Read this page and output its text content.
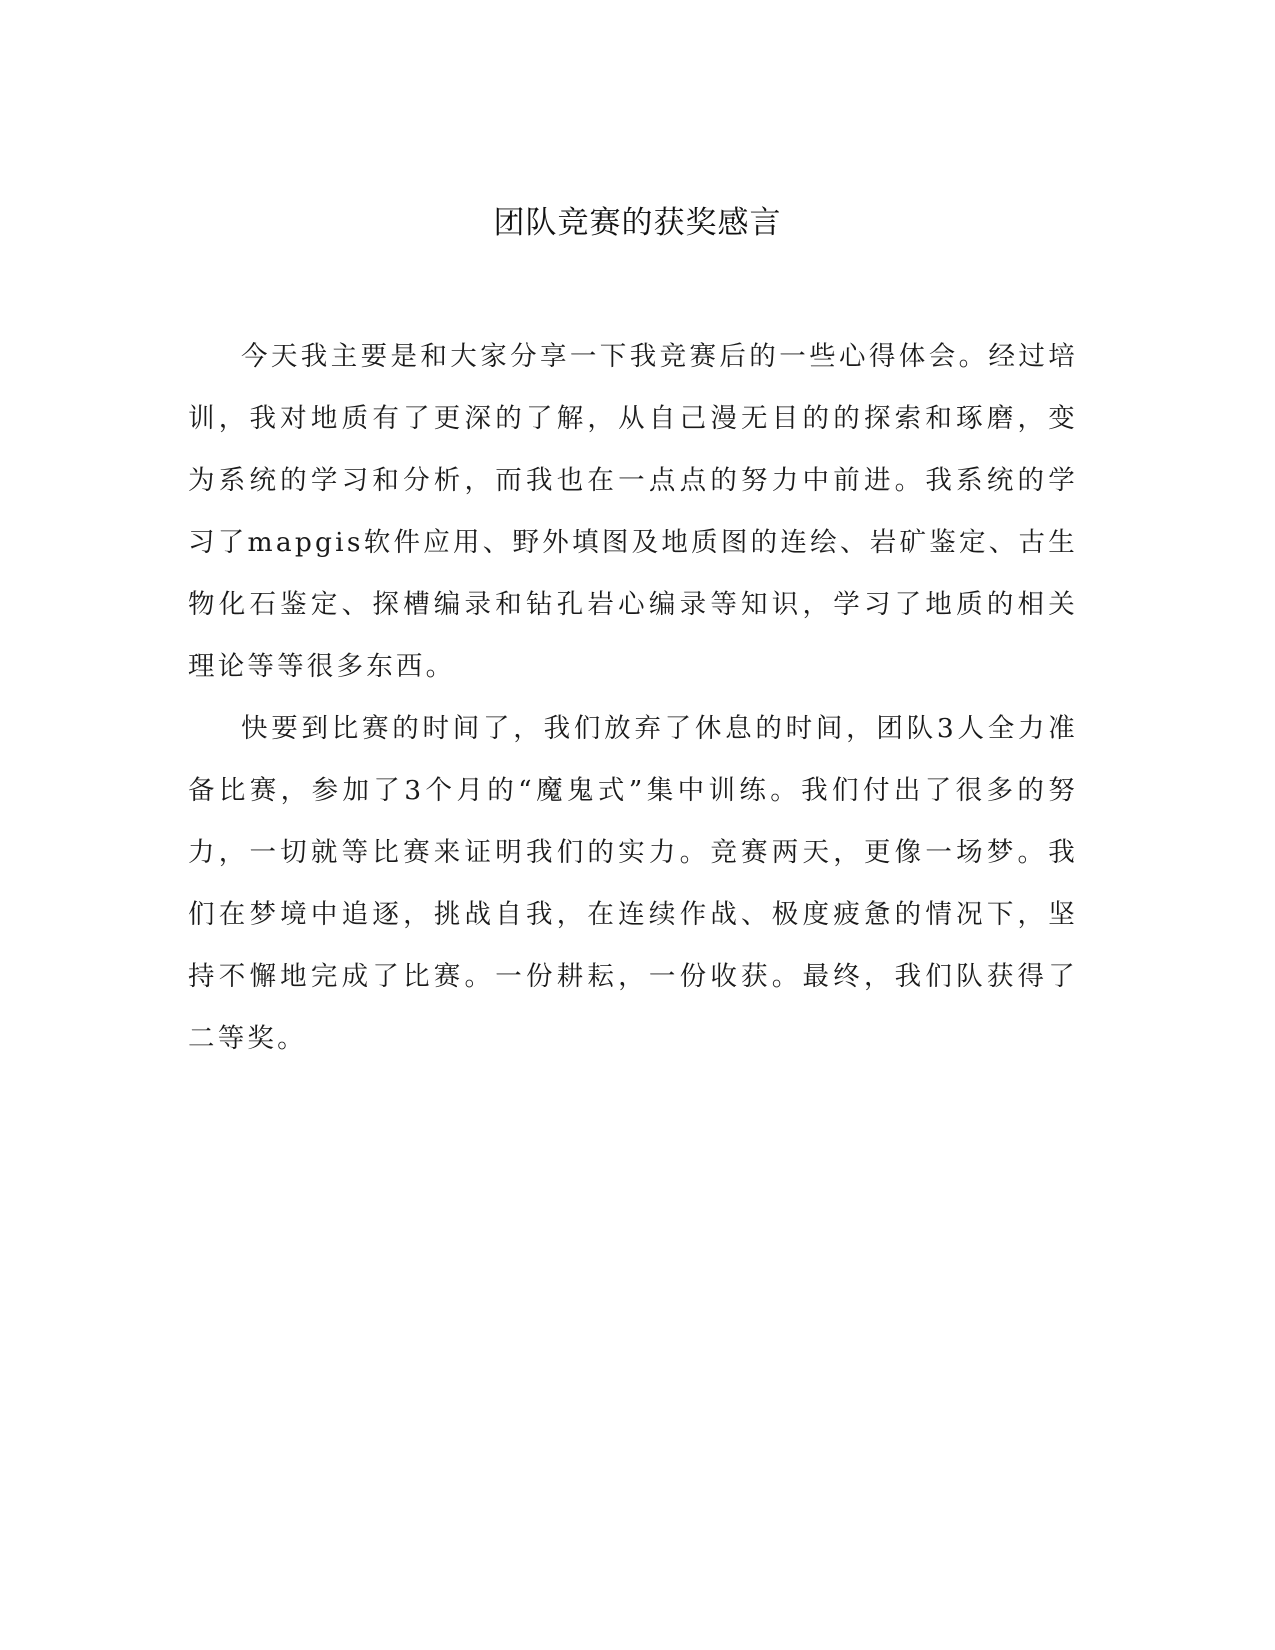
团队竞赛的获奖感言

今天我主要是和大家分享一下我竞赛后的一些心得体会。经过培训，我对地质有了更深的了解，从自己漫无目的的探索和琢磨，变为系统的学习和分析，而我也在一点点的努力中前进。我系统的学习了mapgis软件应用、野外填图及地质图的连绘、岩矿鉴定、古生物化石鉴定、探槽编录和钻孔岩心编录等知识，学习了地质的相关理论等等很多东西。

快要到比赛的时间了，我们放弃了休息的时间，团队3人全力准备比赛，参加了3个月的“魔鬼式”集中训练。我们付出了很多的努力，一切就等比赛来证明我们的实力。竞赛两天，更像一场梦。我们在梦境中追逐，挑战自我，在连续作战、极度疲惫的情况下，坚持不懈地完成了比赛。一份耕耘，一份收获。最终，我们队获得了二等奖。
